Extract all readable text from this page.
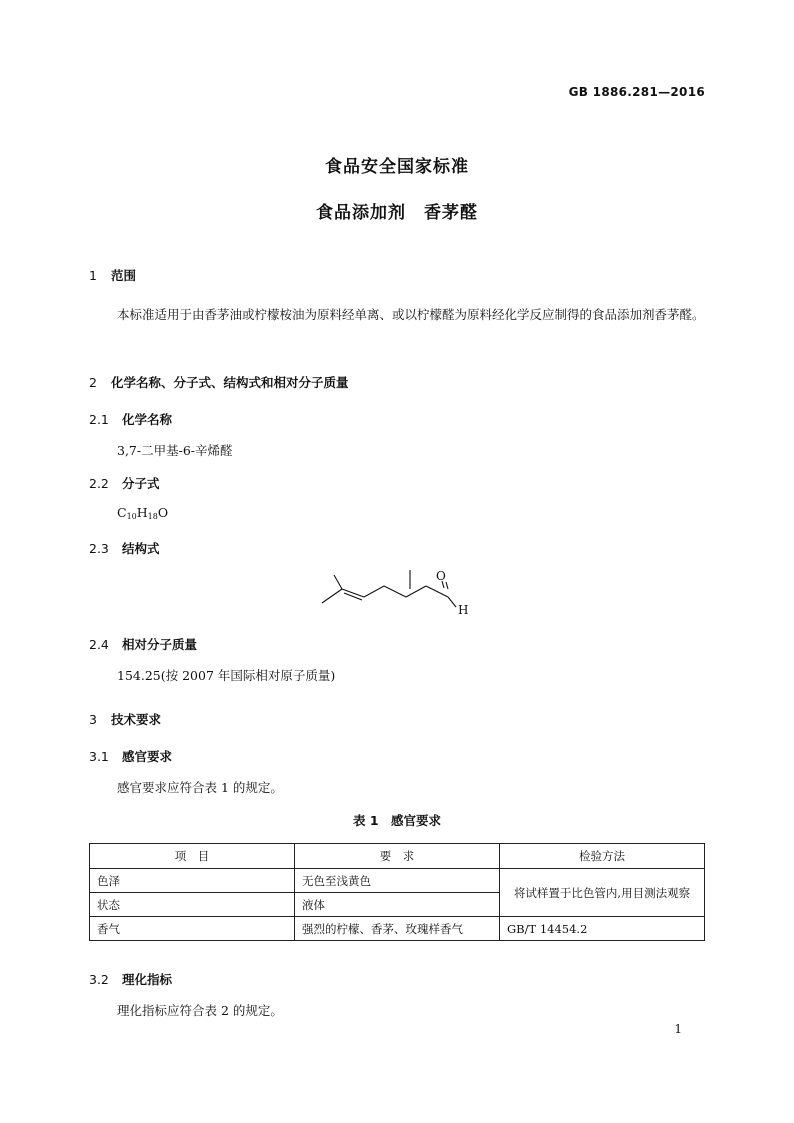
GB 1886.281—2016
食品安全国家标准
食品添加剂　香茅醛
1 范围
本标准适用于由香茅油或柠檬桉油为原料经单离、或以柠檬醛为原料经化学反应制得的食品添加剂香茅醛。
2 化学名称、分子式、结构式和相对分子质量
2.1 化学名称
3,7-二甲基-6-辛烯醛
2.2 分子式
$C_{10}H_{18}O$
2.3 结构式
O
H
2.4 相对分子质量
154.25(按 2007 年国际相对原子质量)
3 技术要求
3.1 感官要求
感官要求应符合表 1 的规定。
表 1　感官要求
项　目	要　求	检验方法
色泽	无色至浅黄色	将试样置于比色管内,用目测法观察
状态	液体	
香气	强烈的柠檬、香茅、玫瑰样香气	GB/T 14454.2
3.2 理化指标
理化指标应符合表 2 的规定。
1
